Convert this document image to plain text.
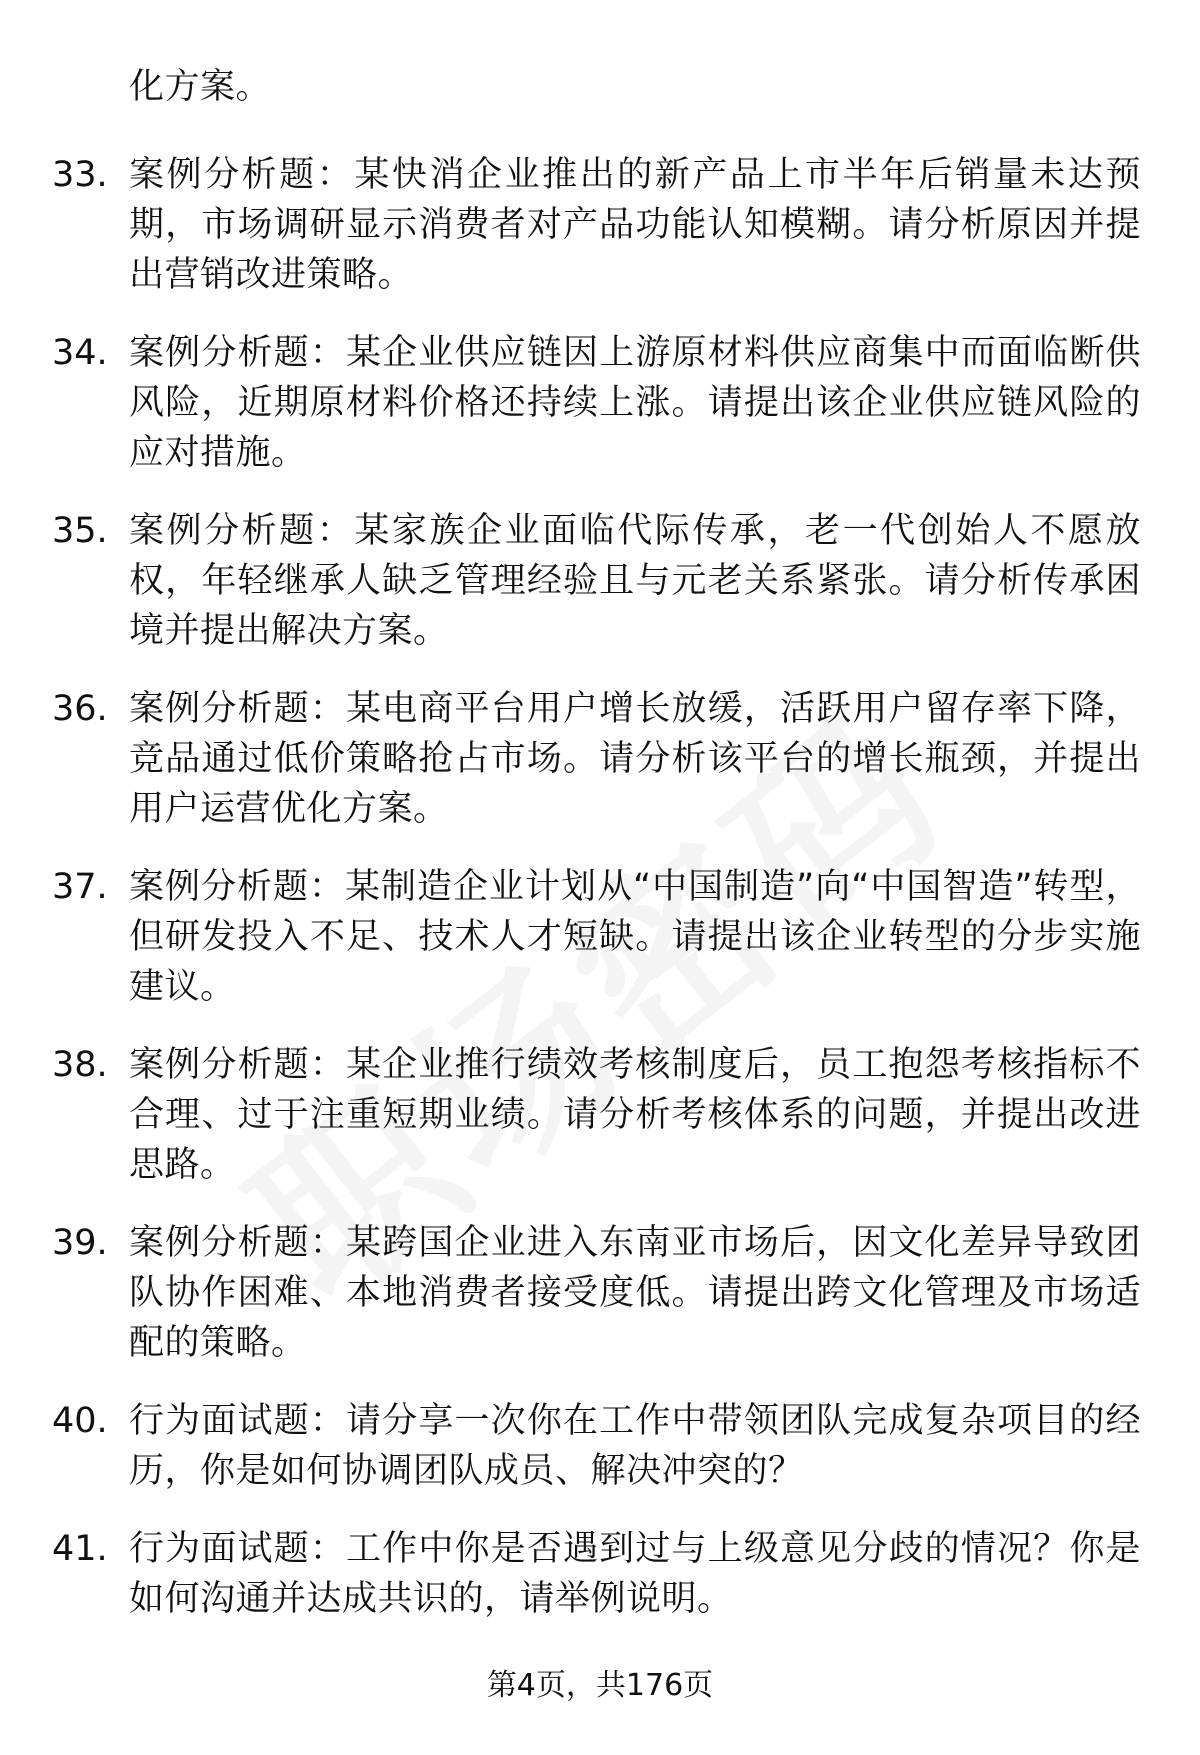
化方案。
33. 案例分析题：某快消企业推出的新产品上市半年后销量未达预期，市场调研显示消费者对产品功能认知模糊。请分析原因并提出营销改进策略。
34. 案例分析题：某企业供应链因上游原材料供应商集中而面临断供风险，近期原材料价格还持续上涨。请提出该企业供应链风险的应对措施。
35. 案例分析题：某家族企业面临代际传承，老一代创始人不愿放权，年轻继承人缺乏管理经验且与元老关系紧张。请分析传承困境并提出解决方案。
36. 案例分析题：某电商平台用户增长放缓，活跃用户留存率下降，竞品通过低价策略抢占市场。请分析该平台的增长瓶颈，并提出用户运营优化方案。
37. 案例分析题：某制造企业计划从“中国制造”向“中国智造”转型，但研发投入不足、技术人才短缺。请提出该企业转型的分步实施建议。
38. 案例分析题：某企业推行绩效考核制度后，员工抱怨考核指标不合理、过于注重短期业绩。请分析考核体系的问题，并提出改进思路。
39. 案例分析题：某跨国企业进入东南亚市场后，因文化差异导致团队协作困难、本地消费者接受度低。请提出跨文化管理及市场适配的策略。
40. 行为面试题：请分享一次你在工作中带领团队完成复杂项目的经历，你是如何协调团队成员、解决冲突的？
41. 行为面试题：工作中你是否遇到过与上级意见分歧的情况？你是如何沟通并达成共识的，请举例说明。
第4页，共176页
